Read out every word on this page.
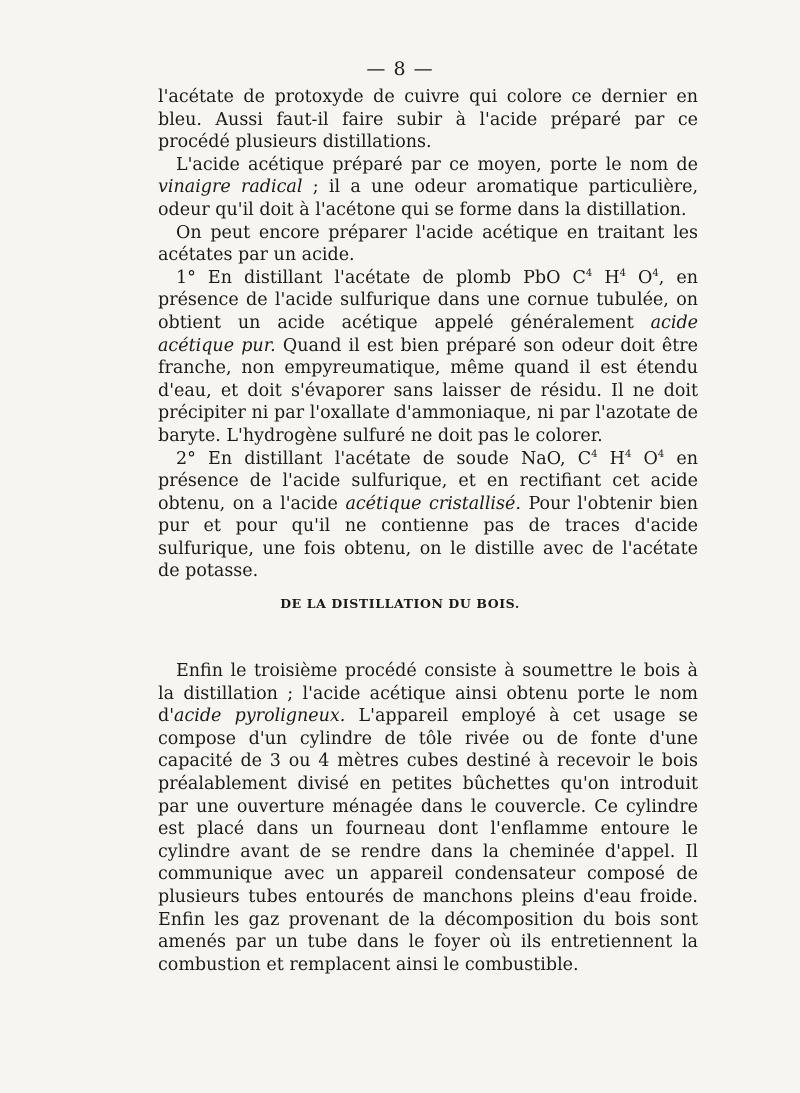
— 8 —

l'acétate de protoxyde de cuivre qui colore ce dernier en bleu. Aussi faut-il faire subir à l'acide préparé par ce procédé plusieurs distillations.

L'acide acétique préparé par ce moyen, porte le nom de vinaigre radical ; il a une odeur aromatique particulière, odeur qu'il doit à l'acétone qui se forme dans la distillation.

On peut encore préparer l'acide acétique en traitant les acétates par un acide.

1° En distillant l'acétate de plomb PbO $C^4$ $H^4$ $O^4$, en présence de l'acide sulfurique dans une cornue tubulée, on obtient un acide acétique appelé généralement acide acétique pur. Quand il est bien préparé son odeur doit être franche, non empyreumatique, même quand il est étendu d'eau, et doit s'évaporer sans laisser de résidu. Il ne doit précipiter ni par l'oxallate d'ammoniaque, ni par l'azotate de baryte. L'hydrogène sulfuré ne doit pas le colorer.

2° En distillant l'acétate de soude NaO, $C^4$ $H^4$ $O^4$ en présence de l'acide sulfurique, et en rectifiant cet acide obtenu, on a l'acide acétique cristallisé. Pour l'obtenir bien pur et pour qu'il ne contienne pas de traces d'acide sulfurique, une fois obtenu, on le distille avec de l'acétate de potasse.

DE LA DISTILLATION DU BOIS.

Enfin le troisième procédé consiste à soumettre le bois à la distillation ; l'acide acétique ainsi obtenu porte le nom d'acide pyroligneux. L'appareil employé à cet usage se compose d'un cylindre de tôle rivée ou de fonte d'une capacité de 3 ou 4 mètres cubes destiné à recevoir le bois préalablement divisé en petites bûchettes qu'on introduit par une ouverture ménagée dans le couvercle. Ce cylindre est placé dans un fourneau dont l'enflamme entoure le cylindre avant de se rendre dans la cheminée d'appel. Il communique avec un appareil condensateur composé de plusieurs tubes entourés de manchons pleins d'eau froide. Enfin les gaz provenant de la décomposition du bois sont amenés par un tube dans le foyer où ils entretiennent la combustion et remplacent ainsi le combustible.
